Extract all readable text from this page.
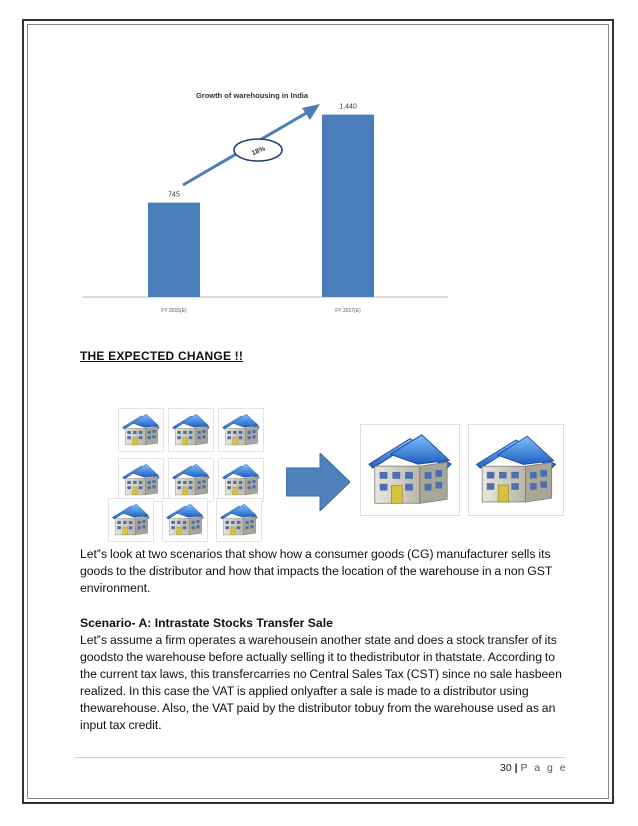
Growth of warehousing in India
745
FY 2015(E)
1,440
FY 2017(E)
18%
THE EXPECTED CHANGE !!
Let‟s look at two scenarios that show how a consumer goods (CG) manufacturer sells its goods to the distributor and how that impacts the location of the warehouse in a non GST environment.
Scenario- A: Intrastate Stocks Transfer Sale
Let‟s assume a firm operates a warehousein another state and does a stock transfer of its goodsto the warehouse before actually selling it to thedistributor in thatstate. According to the current tax laws, this transfercarries no Central Sales Tax (CST) since no sale hasbeen realized. In this case the VAT is applied onlyafter a sale is made to a distributor using thewarehouse. Also, the VAT paid by the distributor tobuy from the warehouse used as an input tax credit.
30 | P a g e
